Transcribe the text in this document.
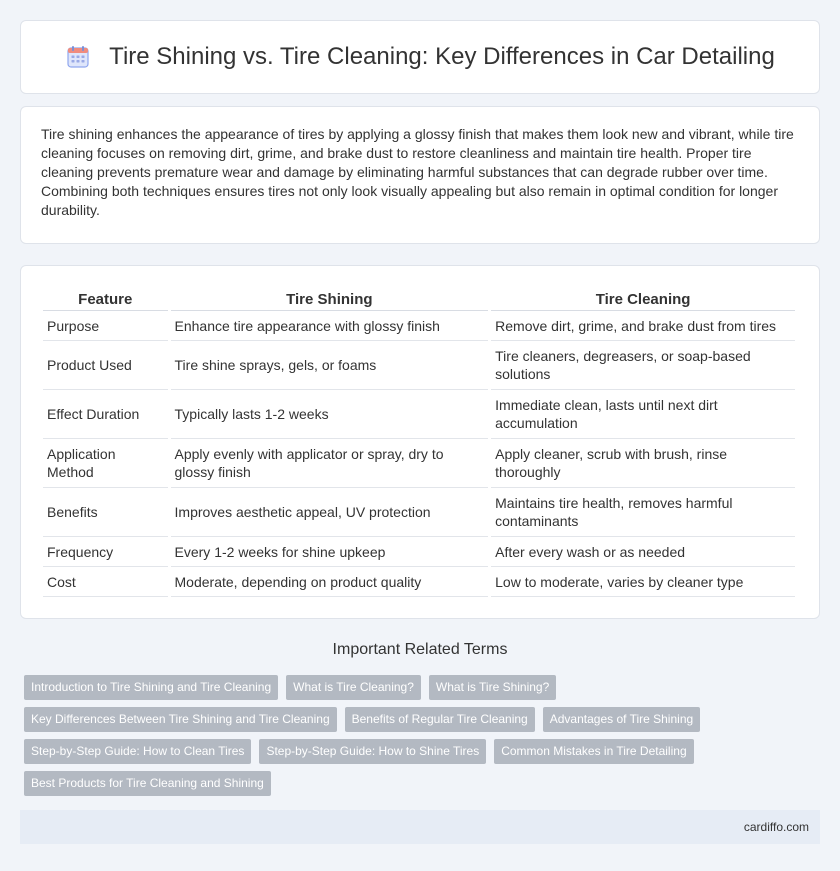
Tire Shining vs. Tire Cleaning: Key Differences in Car Detailing

Tire shining enhances the appearance of tires by applying a glossy finish that makes them look new and vibrant, while tire cleaning focuses on removing dirt, grime, and brake dust to restore cleanliness and maintain tire health. Proper tire cleaning prevents premature wear and damage by eliminating harmful substances that can degrade rubber over time. Combining both techniques ensures tires not only look visually appealing but also remain in optimal condition for longer durability.

Feature	Tire Shining	Tire Cleaning
Purpose	Enhance tire appearance with glossy finish	Remove dirt, grime, and brake dust from tires
Product Used	Tire shine sprays, gels, or foams	Tire cleaners, degreasers, or soap-based solutions
Effect Duration	Typically lasts 1-2 weeks	Immediate clean, lasts until next dirt accumulation
Application Method	Apply evenly with applicator or spray, dry to glossy finish	Apply cleaner, scrub with brush, rinse thoroughly
Benefits	Improves aesthetic appeal, UV protection	Maintains tire health, removes harmful contaminants
Frequency	Every 1-2 weeks for shine upkeep	After every wash or as needed
Cost	Moderate, depending on product quality	Low to moderate, varies by cleaner type
Important Related Terms
Introduction to Tire Shining and Tire Cleaning	What is Tire Cleaning?	What is Tire Shining?
Key Differences Between Tire Shining and Tire Cleaning	Benefits of Regular Tire Cleaning	Advantages of Tire Shining
Step-by-Step Guide: How to Clean Tires	Step-by-Step Guide: How to Shine Tires	Common Mistakes in Tire Detailing
Best Products for Tire Cleaning and Shining
cardiffo.com
